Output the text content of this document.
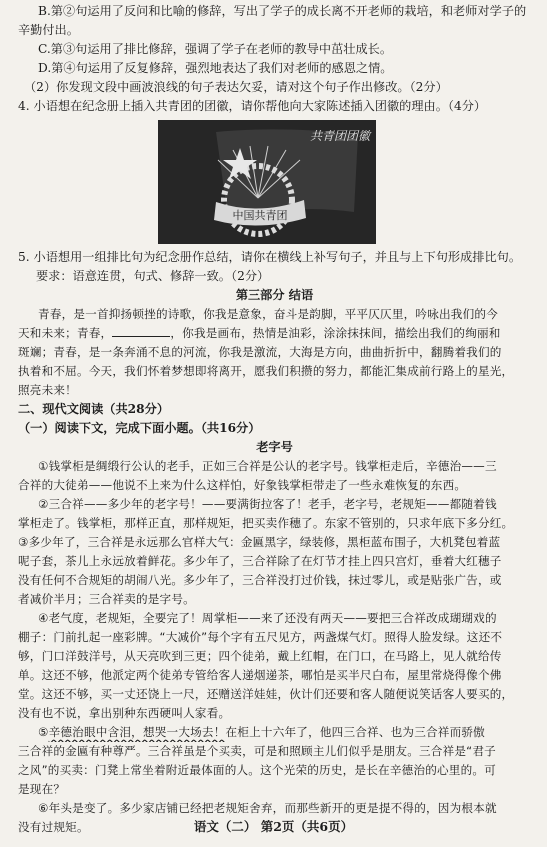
B.第②句运用了反问和比喻的修辞，写出了学子的成长离不开老师的栽培，和老师对学子的
辛勤付出。
C.第③句运用了排比修辞，强调了学子在老师的教导中茁壮成长。
D.第④句运用了反复修辞，强烈地表达了我们对老师的感恩之情。
（2）你发现文段中画波浪线的句子表达欠妥，请对这个句子作出修改。（2分）
4. 小语想在纪念册上插入共青团的团徽，请你帮他向大家陈述插入团徽的理由。（4分）
中国共青团
共青团团徽
5. 小语想用一组排比句为纪念册作总结，请你在横线上补写句子，并且与上下句形成排比句。
要求：语意连贯，句式、修辞一致。（2分）
第三部分 结语
青春，是一首抑扬顿挫的诗歌，你我是意象，奋斗是韵脚，平平仄仄里，吟咏出我们的今
天和未来；青春，	，你我是画布，热情是油彩，涂涂抹抹间，描绘出我们的绚丽和
斑斓；青春，是一条奔涌不息的河流，你我是激流，大海是方向，曲曲折折中，翻腾着我们的
执着和不屈。今天，我们怀着梦想即将离开，愿我们积攒的努力，都能汇集成前行路上的星光，
照亮未来！
二、现代文阅读（共28分）
（一）阅读下文，完成下面小题。（共16分）
老字号
①钱掌柜是绸缎行公认的老手，正如三合祥是公认的老字号。钱掌柜走后，辛德治——三
合祥的大徒弟——他说不上来为什么这样怕，好象钱掌柜带走了一些永难恢复的东西。
②三合祥——多少年的老字号！——要满街拉客了！老手，老字号，老规矩——都随着钱
掌柜走了。钱掌柜，那样正直，那样规矩，把买卖作穗了。东家不管别的，只求年底下多分红。
③多少年了，三合祥是永远那么官样大气：金匾黑字，绿装修，黑柜蓝布围子，大机凳包着蓝
呢子套，茶儿上永远放着鲜花。多少年了，三合祥除了在灯节才挂上四只宫灯，垂着大红穗子
没有任何不合规矩的胡闹八光。多少年了，三合祥没打过价钱，抹过零儿，或是贴张广告，或
者减价半月；三合祥卖的是字号。
④老气度，老规矩，全要完了！周掌柜——来了还没有两天——要把三合祥改成瑚瑚戏的
棚子：门前扎起一座彩牌。“大减价”每个字有五尺见方，两盏煤气灯。照得人脸发绿。这还不
够，门口洋鼓洋号，从天亮吹到三更；四个徒弟，戴上红帽，在门口，在马路上，见人就给传
单。这还不够，他派定两个徒弟专管给客人递烟递茶，哪怕是买半尺白布，屋里常烧得像个佛
堂。这还不够，买一丈还饶上一尺，还赠送洋娃娃，伙计们还要和客人随便说笑话客人要买的，
没有也不说，拿出别种东西硬叫人家看。
⑤辛德治眼中含泪，想哭一大场去！在柜上十六年了，他四三合祥、也为三合祥而骄傲
三合祥的金匾有种尊严。三合祥虽是个买卖，可是和照顾主儿们似乎是朋友。三合祥是“君子
之风”的买卖：门凳上常坐着附近最体面的人。这个光荣的历史，是长在辛德治的心里的。可
是现在？
⑥年头是变了。多少家店铺已经把老规矩舍弃，而那些新开的更是提不得的，因为根本就
没有过规矩。	语文（二） 第2页（共6页）
